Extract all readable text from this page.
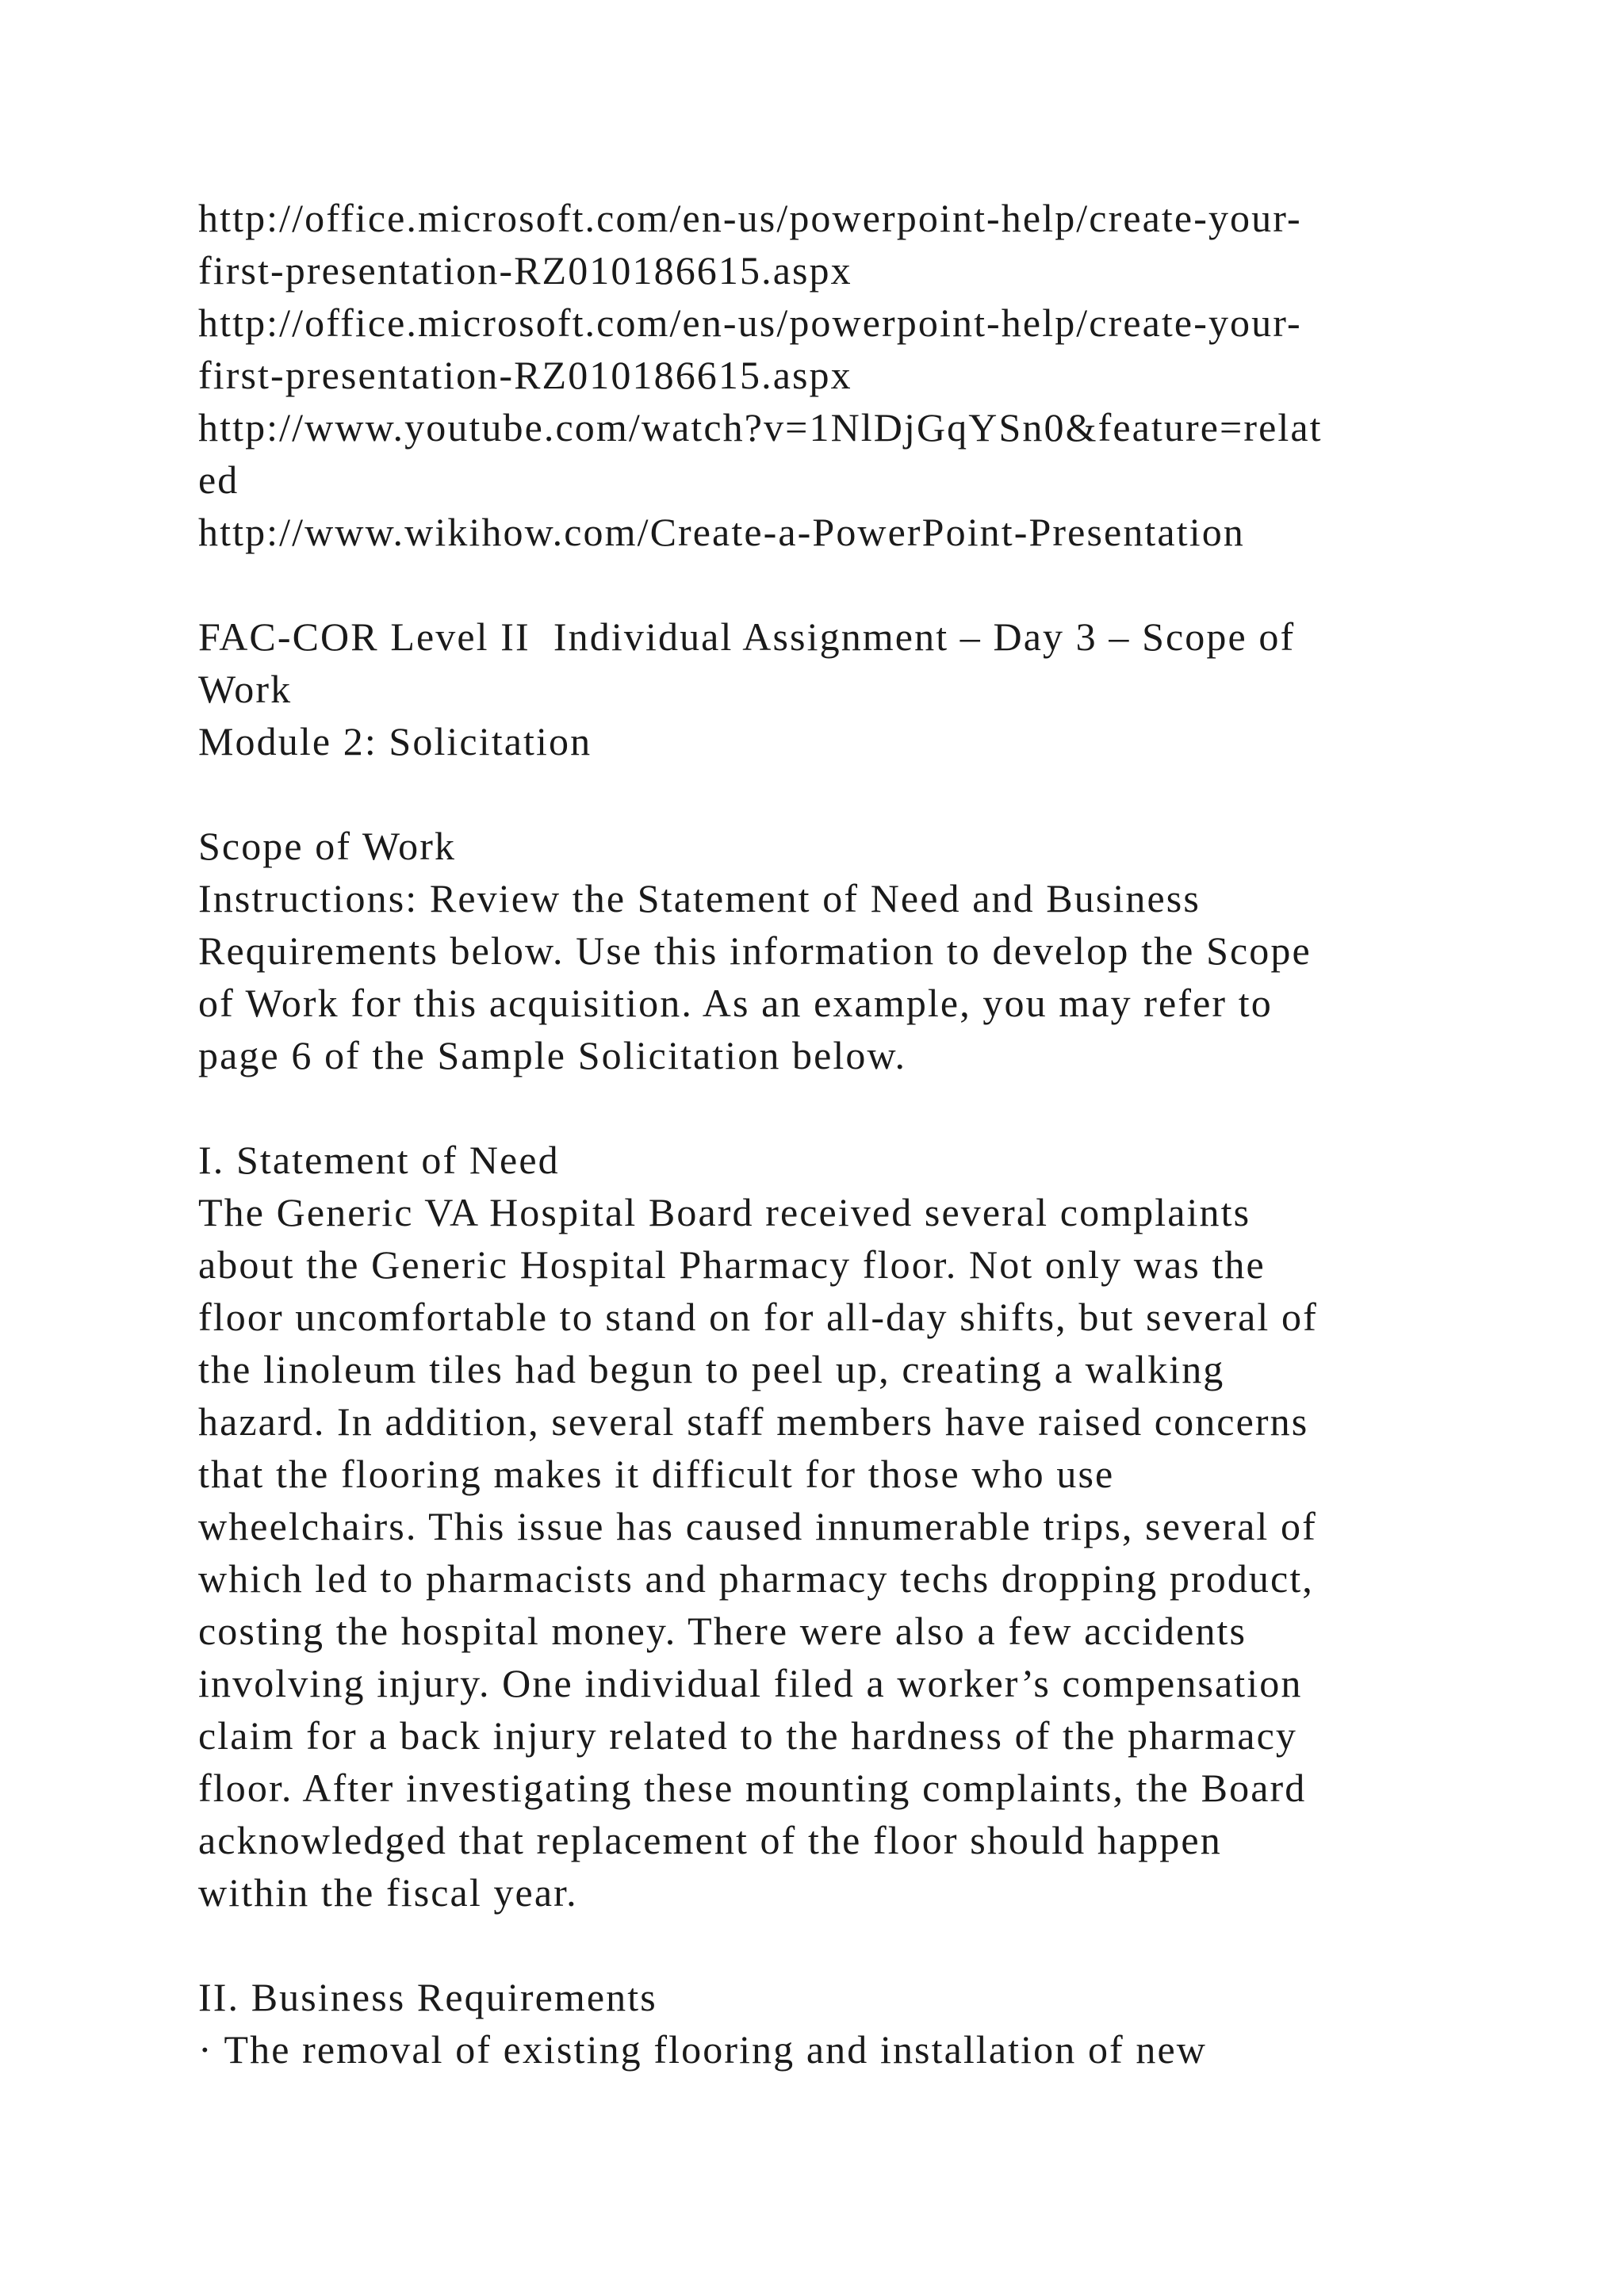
http://office.microsoft.com/en-us/powerpoint-help/create-your-
first-presentation-RZ010186615.aspx
http://office.microsoft.com/en-us/powerpoint-help/create-your-
first-presentation-RZ010186615.aspx
http://www.youtube.com/watch?v=1NlDjGqYSn0&feature=relat
ed
http://www.wikihow.com/Create-a-PowerPoint-Presentation
FAC-COR Level II  Individual Assignment – Day 3 – Scope of
Work
Module 2: Solicitation
Scope of Work
Instructions: Review the Statement of Need and Business
Requirements below. Use this information to develop the Scope
of Work for this acquisition. As an example, you may refer to
page 6 of the Sample Solicitation below.
I. Statement of Need
The Generic VA Hospital Board received several complaints
about the Generic Hospital Pharmacy floor. Not only was the
floor uncomfortable to stand on for all-day shifts, but several of
the linoleum tiles had begun to peel up, creating a walking
hazard. In addition, several staff members have raised concerns
that the flooring makes it difficult for those who use
wheelchairs. This issue has caused innumerable trips, several of
which led to pharmacists and pharmacy techs dropping product,
costing the hospital money. There were also a few accidents
involving injury. One individual filed a worker’s compensation
claim for a back injury related to the hardness of the pharmacy
floor. After investigating these mounting complaints, the Board
acknowledged that replacement of the floor should happen
within the fiscal year.
II. Business Requirements
· The removal of existing flooring and installation of new
